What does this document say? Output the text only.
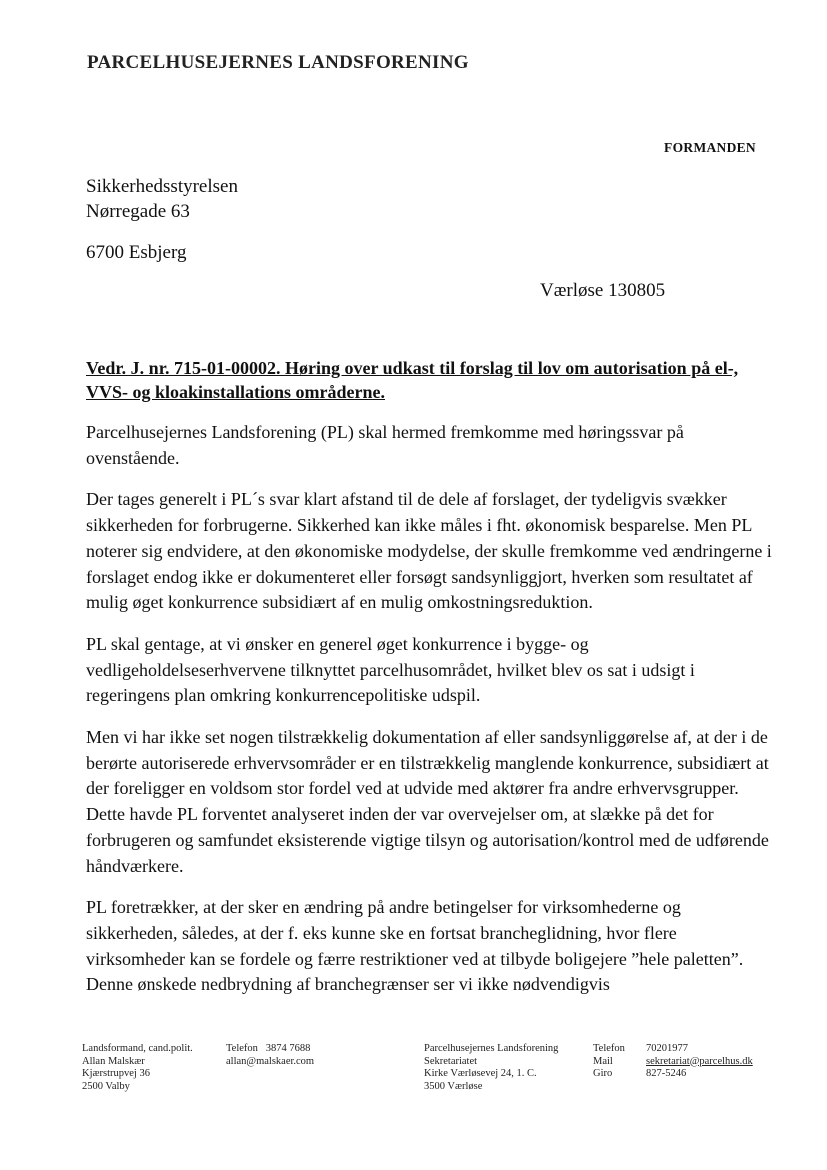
PARCELHUSEJERNES LANDSFORENING
FORMANDEN
Sikkerhedsstyrelsen
Nørregade 63
6700 Esbjerg
Værløse 130805
Vedr. J. nr. 715-01-00002. Høring over udkast til forslag til lov om autorisation på el-, VVS- og kloakinstallations områderne.

Parcelhusejernes Landsforening (PL) skal hermed fremkomme med høringssvar på ovenstående.

Der tages generelt i PL´s svar klart afstand til de dele af forslaget, der tydeligvis svækker sikkerheden for forbrugerne. Sikkerhed kan ikke måles i fht. økonomisk besparelse. Men PL noterer sig endvidere, at den økonomiske modydelse, der skulle fremkomme ved ændringerne i forslaget endog ikke er dokumenteret eller forsøgt sandsynliggjort, hverken som resultatet af mulig øget konkurrence subsidiært af en mulig omkostningsreduktion.

PL skal gentage, at vi ønsker en generel øget konkurrence i bygge- og vedligeholdelseserhvervene tilknyttet parcelhusområdet, hvilket blev os sat i udsigt i regeringens plan omkring konkurrencepolitiske udspil.

Men vi har ikke set nogen tilstrækkelig dokumentation af eller sandsynliggørelse af, at der i de berørte autoriserede erhvervsområder er en tilstrækkelig manglende konkurrence, subsidiært at der foreligger en voldsom stor fordel ved at udvide med aktører fra andre erhvervsgrupper. Dette havde PL forventet analyseret inden der var overvejelser om, at slække på det for forbrugeren og samfundet eksisterende vigtige tilsyn og autorisation/kontrol med de udførende håndværkere.

PL foretrækker, at der sker en ændring på andre betingelser for virksomhederne og sikkerheden, således, at der f. eks kunne ske en fortsat brancheglidning, hvor flere virksomheder kan se fordele og færre restriktioner ved at tilbyde boligejere ”hele paletten”. Denne ønskede nedbrydning af branchegrænser ser vi ikke nødvendigvis

Landsformand, cand.polit.
Allan Malskær
Kjærstrupvej 36
2500 Valby
Telefon   3874 7688
allan@malskaer.com
Parcelhusejernes Landsforening
Sekretariatet
Kirke Værløsevej 24, 1. C.
3500 Værløse
Telefon
Mail
Giro
70201977
sekretariat@parcelhus.dk
827-5246
